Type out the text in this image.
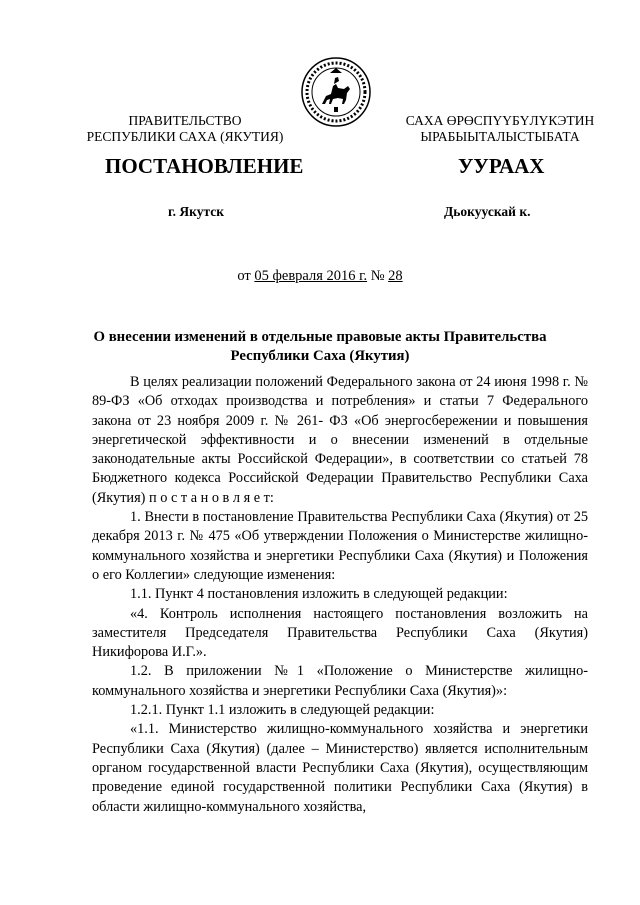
ПРАВИТЕЛЬСТВО
РЕСПУБЛИКИ САХА (ЯКУТИЯ)
САХА ӨРӨСПҮҮБҮЛҮКЭТИН
ЫРАБЫЫТАЛЫСТЫБАТА
ПОСТАНОВЛЕНИЕ	УУРААХ
г. Якутск	Дьокуускай к.
от 05 февраля 2016 г. № 28
О внесении изменений в отдельные правовые акты Правительства
Республики Саха (Якутия)

В целях реализации положений Федерального закона от 24 июня 1998 г. № 89-ФЗ «Об отходах производства и потребления» и статьи 7 Федерального закона от 23 ноября 2009 г. № 261- ФЗ «Об энергосбережении и повышения энергетической эффективности и о внесении изменений в отдельные законодательные акты Российской Федерации», в соответствии со статьей 78 Бюджетного кодекса Российской Федерации Правительство Республики Саха (Якутия) п о с т а н о в л я е т:

1. Внести в постановление Правительства Республики Саха (Якутия) от 25 декабря 2013 г. № 475 «Об утверждении Положения о Министерстве жилищно-коммунального хозяйства и энергетики Республики Саха (Якутия) и Положения о его Коллегии» следующие изменения:

1.1. Пункт 4 постановления изложить в следующей редакции:

«4. Контроль исполнения настоящего постановления возложить на заместителя Председателя Правительства Республики Саха (Якутия) Никифорова И.Г.».

1.2. В приложении №1 «Положение о Министерстве жилищно-коммунального хозяйства и энергетики Республики Саха (Якутия)»:

1.2.1. Пункт 1.1 изложить в следующей редакции:

«1.1. Министерство жилищно-коммунального хозяйства и энергетики Республики Саха (Якутия) (далее – Министерство) является исполнительным органом государственной власти Республики Саха (Якутия), осуществляющим проведение единой государственной политики Республики Саха (Якутия) в области жилищно-коммунального хозяйства,
